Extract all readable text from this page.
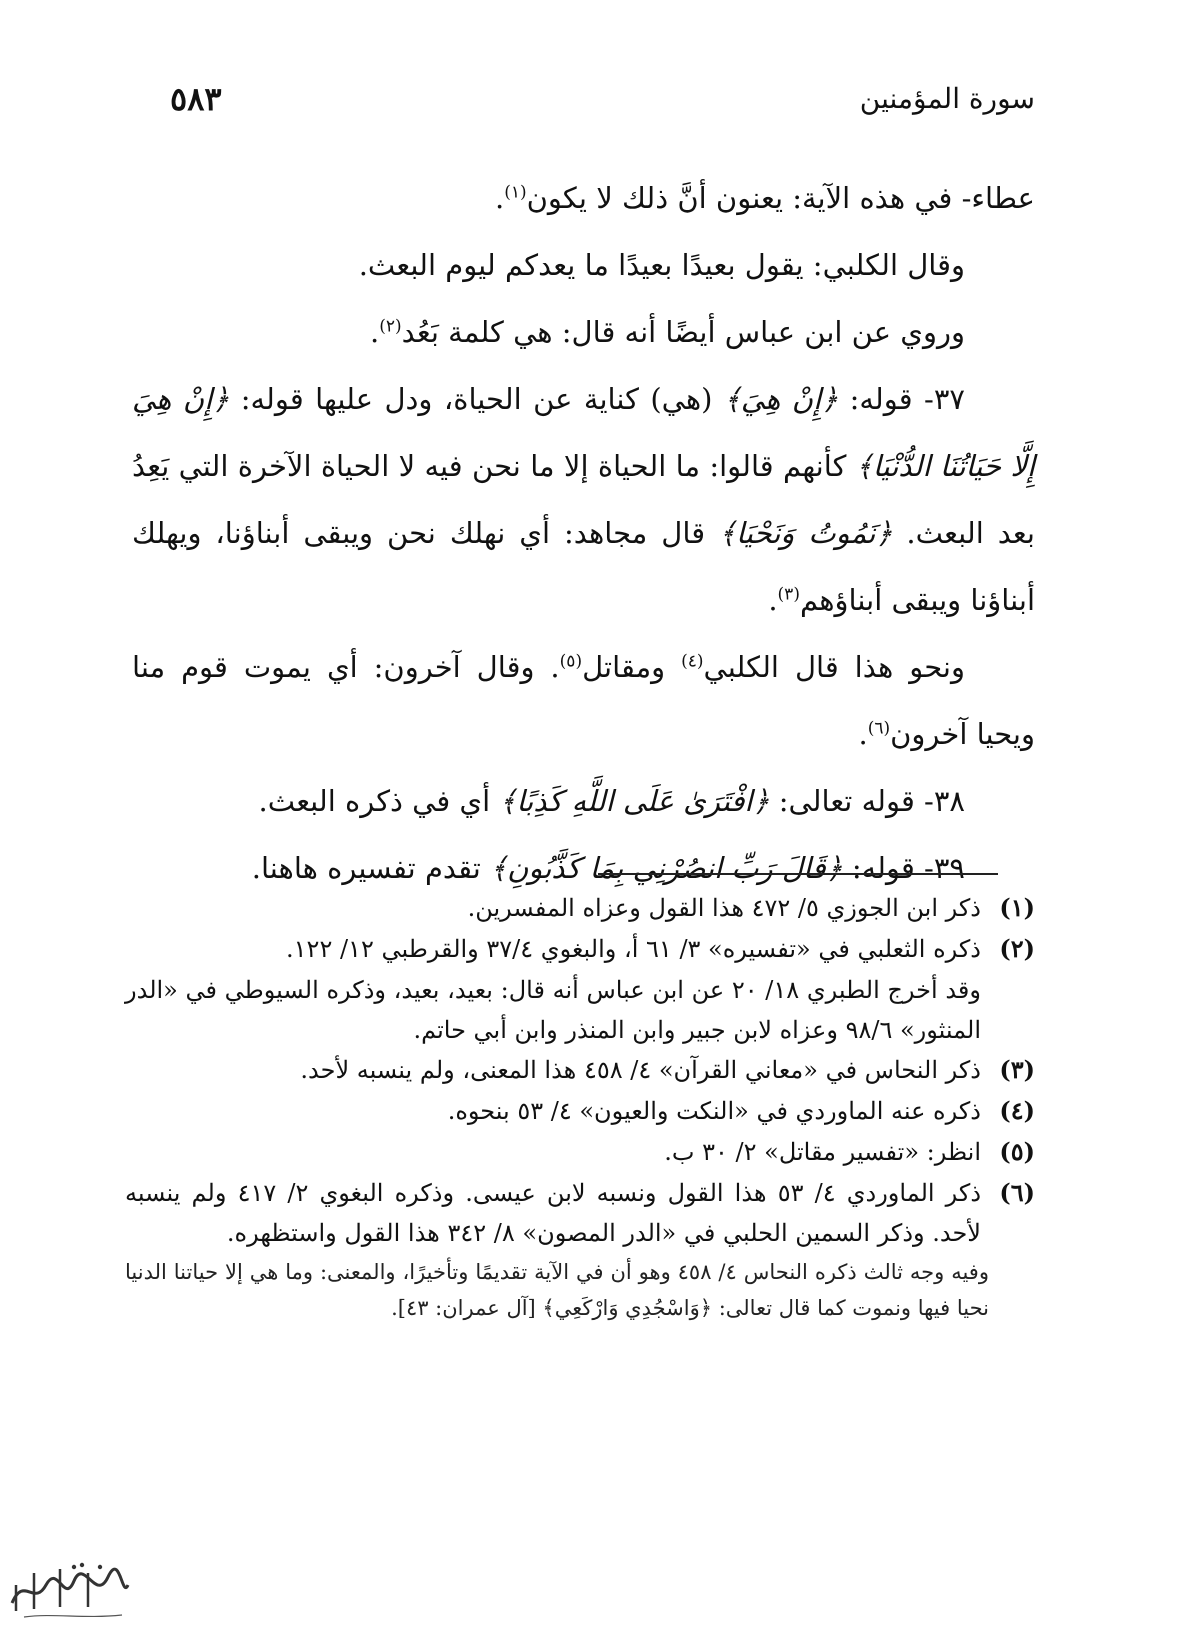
سورة المؤمنين
٥٨٣

عطاء- في هذه الآية: يعنون أنَّ ذلك لا يكون$^{(١)}$.

وقال الكلبي: يقول بعيدًا بعيدًا ما يعدكم ليوم البعث.

وروي عن ابن عباس أيضًا أنه قال: هي كلمة بَعُد$^{(٢)}$.

٣٧- قوله: ﴿إِنْ هِيَ﴾ (هي) كناية عن الحياة، ودل عليها قوله: ﴿إِنْ هِيَ إِلَّا حَيَاتُنَا الدُّنْيَا﴾ كأنهم قالوا: ما الحياة إلا ما نحن فيه لا الحياة الآخرة التي يَعِدُ بعد البعث. ﴿نَمُوتُ وَنَحْيَا﴾ قال مجاهد: أي نهلك نحن ويبقى أبناؤنا، ويهلك أبناؤنا ويبقى أبناؤهم$^{(٣)}$.

ونحو هذا قال الكلبي$^{(٤)}$ ومقاتل$^{(٥)}$. وقال آخرون: أي يموت قوم منا ويحيا آخرون$^{(٦)}$.

٣٨- قوله تعالى: ﴿افْتَرَىٰ عَلَى اللَّهِ كَذِبًا﴾ أي في ذكره البعث.

٣٩- قوله: ﴿قَالَ رَبِّ انصُرْنِي بِمَا كَذَّبُونِ﴾ تقدم تفسيره هاهنا.

(١)
ذكر ابن الجوزي ٥/ ٤٧٢ هذا القول وعزاه المفسرين.
(٢)
ذكره الثعلبي في «تفسيره» ٣/ ٦١ أ، والبغوي ٣٧/٤ والقرطبي ١٢/ ١٢٢.

وقد أخرج الطبري ١٨/ ٢٠ عن ابن عباس أنه قال: بعيد، بعيد، وذكره السيوطي في «الدر المنثور» ٩٨/٦ وعزاه لابن جبير وابن المنذر وابن أبي حاتم.

(٣)
ذكر النحاس في «معاني القرآن» ٤/ ٤٥٨ هذا المعنى، ولم ينسبه لأحد.
(٤)
ذكره عنه الماوردي في «النكت والعيون» ٤/ ٥٣ بنحوه.
(٥)
انظر: «تفسير مقاتل» ٢/ ٣٠ ب.
(٦)
ذكر الماوردي ٤/ ٥٣ هذا القول ونسبه لابن عيسى. وذكره البغوي ٢/ ٤١٧ ولم ينسبه لأحد. وذكر السمين الحلبي في «الدر المصون» ٨/ ٣٤٢ هذا القول واستظهره.

وفيه وجه ثالث ذكره النحاس ٤/ ٤٥٨ وهو أن في الآية تقديمًا وتأخيرًا، والمعنى: وما هي إلا حياتنا الدنيا نحيا فيها ونموت كما قال تعالى: ﴿وَاسْجُدِي وَارْكَعِي﴾ [آل عمران: ٤٣].
